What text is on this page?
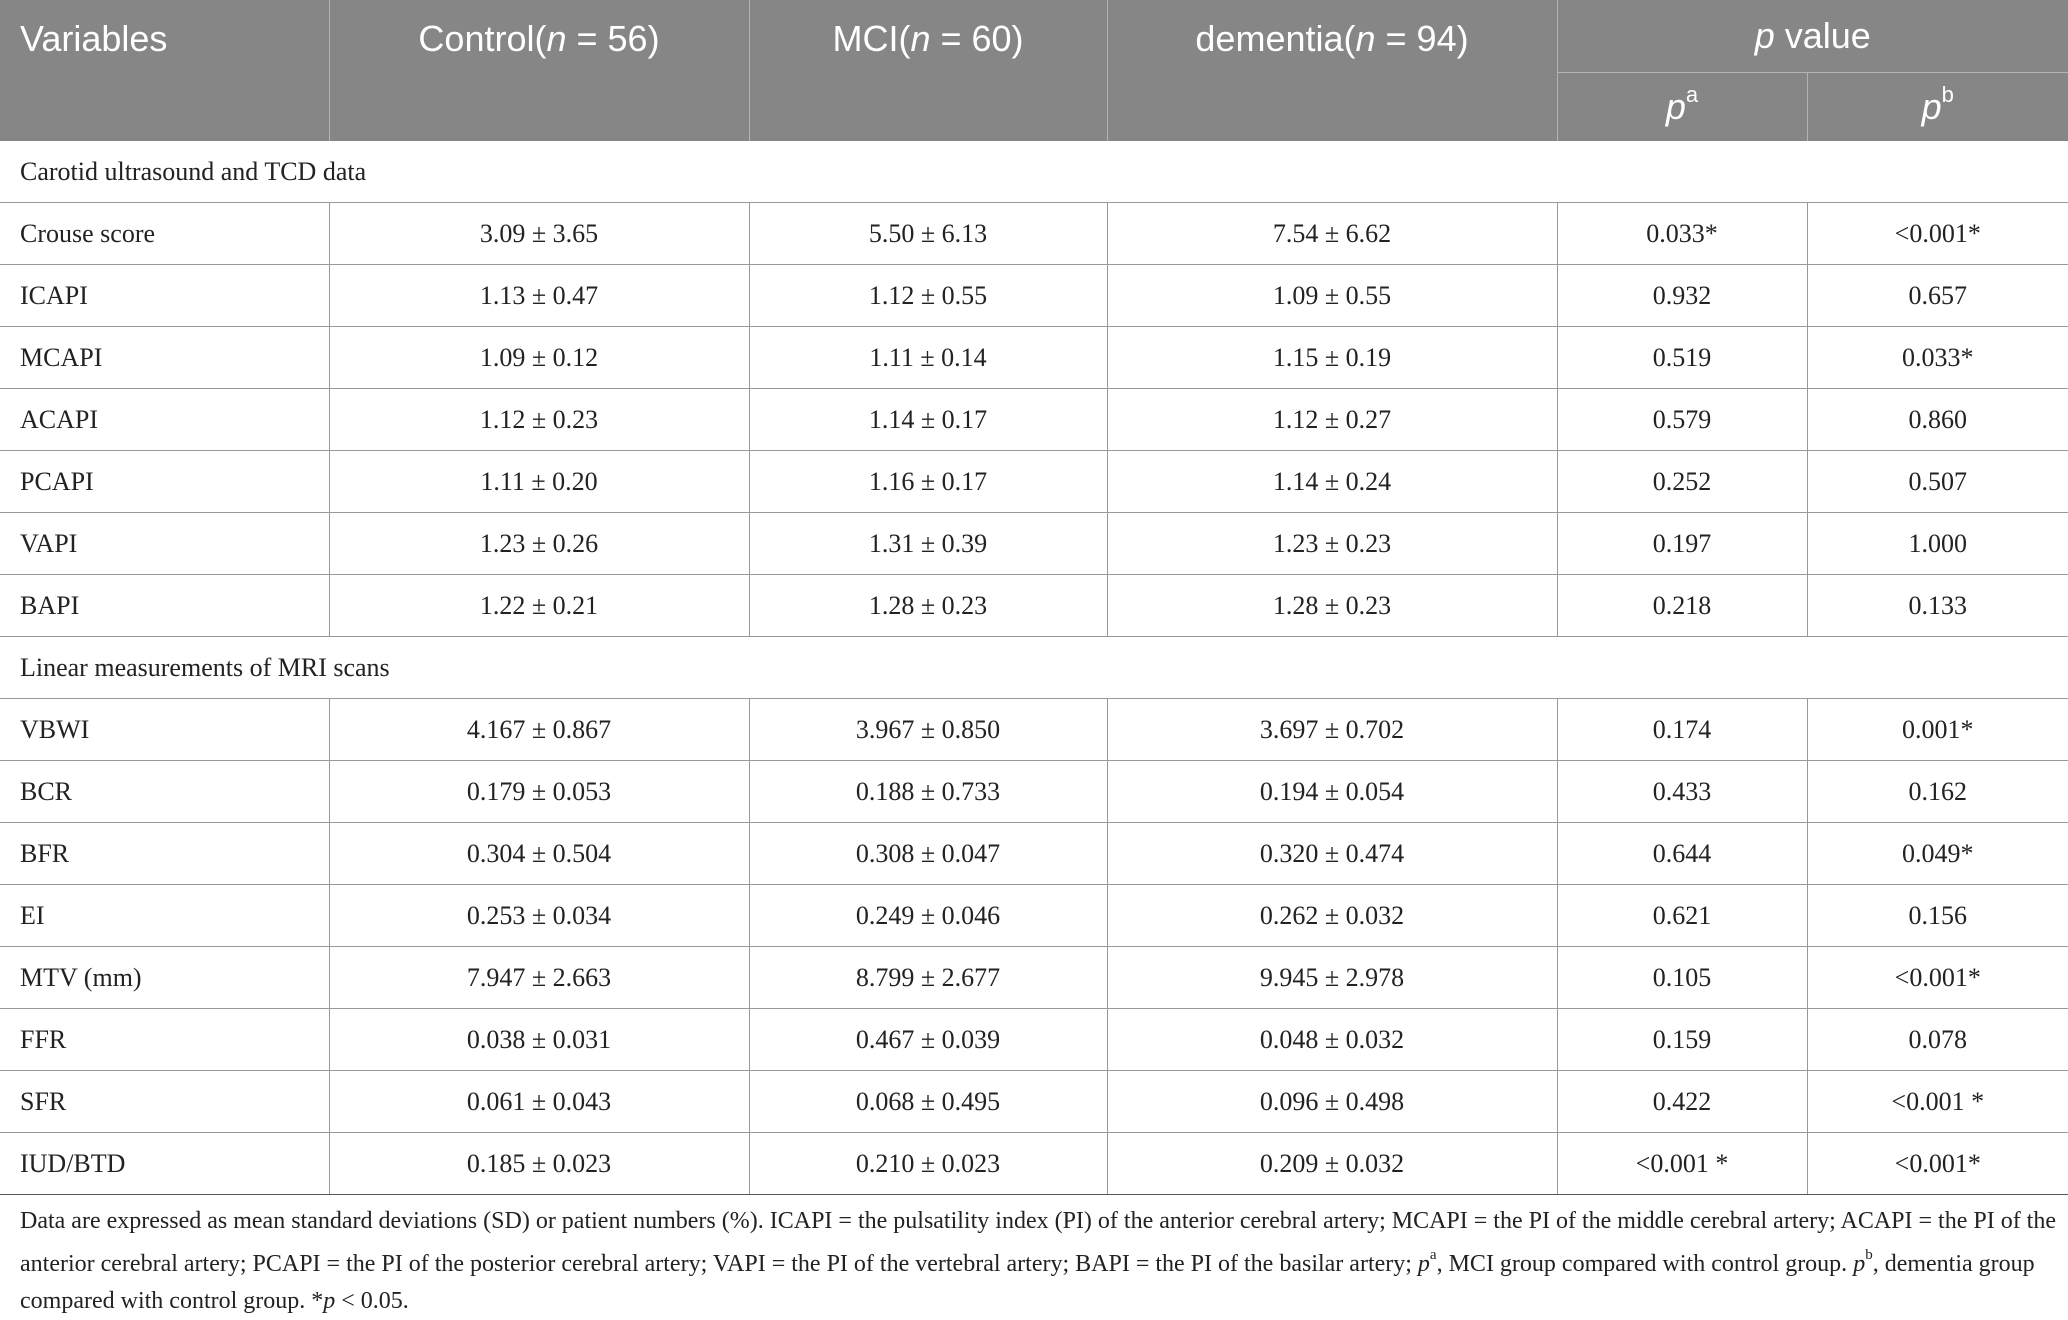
Variables	Control(n = 56)	MCI(n = 60)	dementia(n = 94)	p value	
				$p^a$	$p^b$
Carotid ultrasound and TCD data					
Crouse score	3.09 ± 3.65	5.50 ± 6.13	7.54 ± 6.62	0.033*	<0.001*
ICAPI	1.13 ± 0.47	1.12 ± 0.55	1.09 ± 0.55	0.932	0.657
MCAPI	1.09 ± 0.12	1.11 ± 0.14	1.15 ± 0.19	0.519	0.033*
ACAPI	1.12 ± 0.23	1.14 ± 0.17	1.12 ± 0.27	0.579	0.860
PCAPI	1.11 ± 0.20	1.16 ± 0.17	1.14 ± 0.24	0.252	0.507
VAPI	1.23 ± 0.26	1.31 ± 0.39	1.23 ± 0.23	0.197	1.000
BAPI	1.22 ± 0.21	1.28 ± 0.23	1.28 ± 0.23	0.218	0.133
Linear measurements of MRI scans					
VBWI	4.167 ± 0.867	3.967 ± 0.850	3.697 ± 0.702	0.174	0.001*
BCR	0.179 ± 0.053	0.188 ± 0.733	0.194 ± 0.054	0.433	0.162
BFR	0.304 ± 0.504	0.308 ± 0.047	0.320 ± 0.474	0.644	0.049*
EI	0.253 ± 0.034	0.249 ± 0.046	0.262 ± 0.032	0.621	0.156
MTV (mm)	7.947 ± 2.663	8.799 ± 2.677	9.945 ± 2.978	0.105	<0.001*
FFR	0.038 ± 0.031	0.467 ± 0.039	0.048 ± 0.032	0.159	0.078
SFR	0.061 ± 0.043	0.068 ± 0.495	0.096 ± 0.498	0.422	<0.001 *
IUD/BTD	0.185 ± 0.023	0.210 ± 0.023	0.209 ± 0.032	<0.001 *	<0.001*
Data are expressed as mean standard deviations (SD) or patient numbers (%). ICAPI = the pulsatility index (PI) of the anterior cerebral artery; MCAPI = the PI of the middle cerebral artery; ACAPI = the PI of the anterior cerebral artery; PCAPI = the PI of the posterior cerebral artery; VAPI = the PI of the vertebral artery; BAPI = the PI of the basilar artery; $p^a$, MCI group compared with control group. $p^b$, dementia group compared with control group. *p < 0.05.
